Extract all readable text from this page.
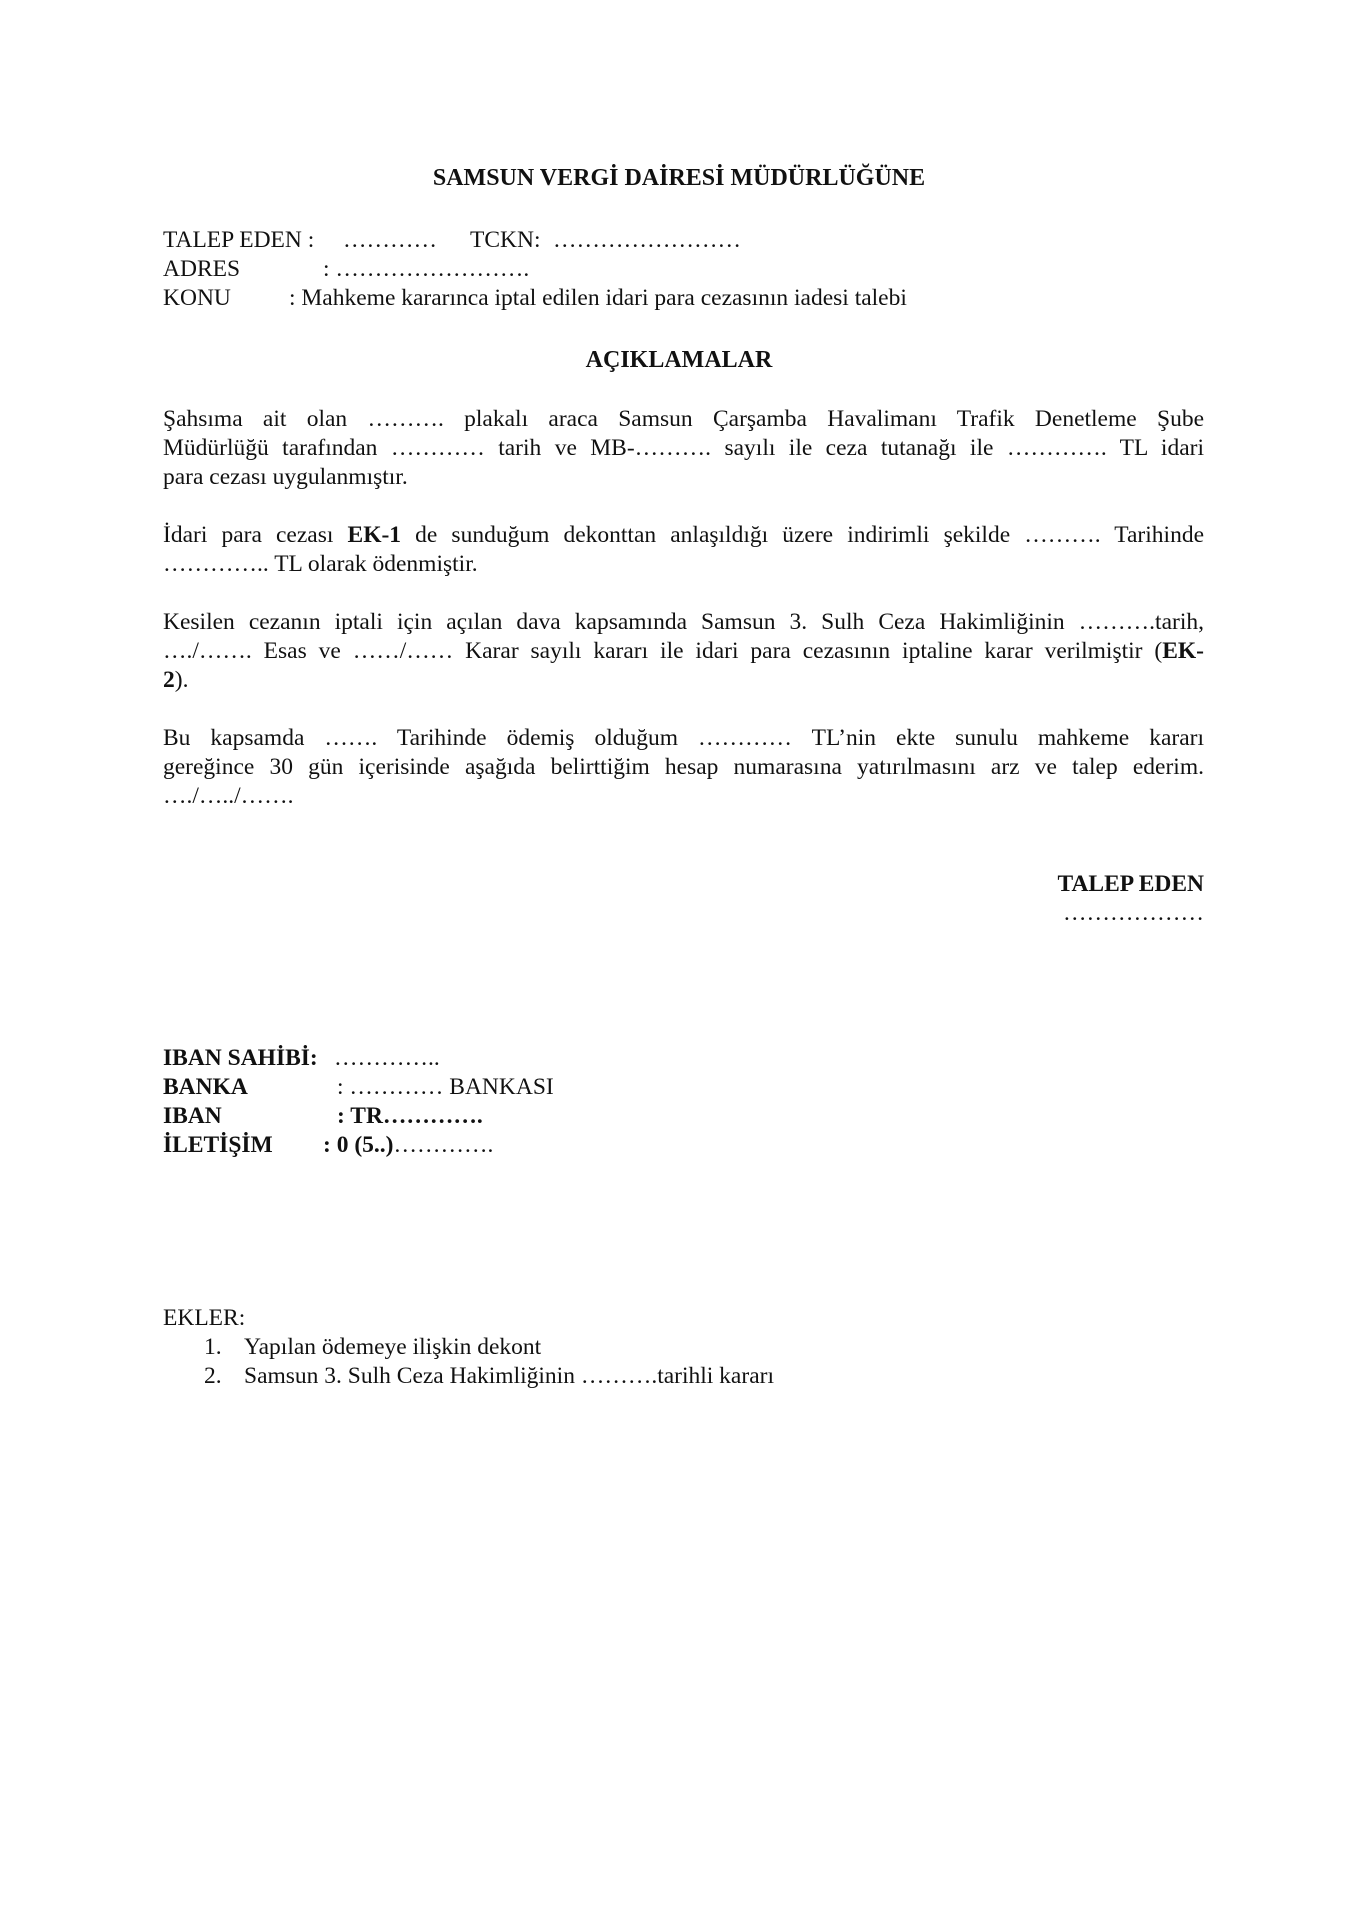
SAMSUN VERGİ DAİRESİ MÜDÜRLÜĞÜNE
TALEP EDEN : ………… TCKN: ……………………
ADRES	: …………………….
KONU : Mahkeme kararınca iptal edilen idari para cezasının iadesi talebi
AÇIKLAMALAR
Şahsıma ait olan ………. plakalı araca Samsun Çarşamba Havalimanı Trafik Denetleme Şube
Müdürlüğü tarafından ………… tarih ve MB-………. sayılı ile ceza tutanağı ile …………. TL idari
para cezası uygulanmıştır.
İdari para cezası EK-1 de sunduğum dekonttan anlaşıldığı üzere indirimli şekilde ………. Tarihinde
………….. TL olarak ödenmiştir.
Kesilen cezanın iptali için açılan dava kapsamında Samsun 3. Sulh Ceza Hakimliğinin ……….tarih,
…./……. Esas ve ……/…… Karar sayılı kararı ile idari para cezasının iptaline karar verilmiştir (EK-
2).
Bu kapsamda ……. Tarihinde ödemiş olduğum ………… TL’nin ekte sunulu mahkeme kararı
gereğince 30 gün içerisinde aşağıda belirttiğim hesap numarasına yatırılmasını arz ve talep ederim.
…./…../…….
TALEP EDEN
………………
IBAN SAHİBİ: …………..
BANKA	: ………… BANKASI
IBAN	: TR………….
İLETİŞİM : 0 (5..)………….
EKLER:
1. Yapılan ödemeye ilişkin dekont
2. Samsun 3. Sulh Ceza Hakimliğinin ……….tarihli kararı
